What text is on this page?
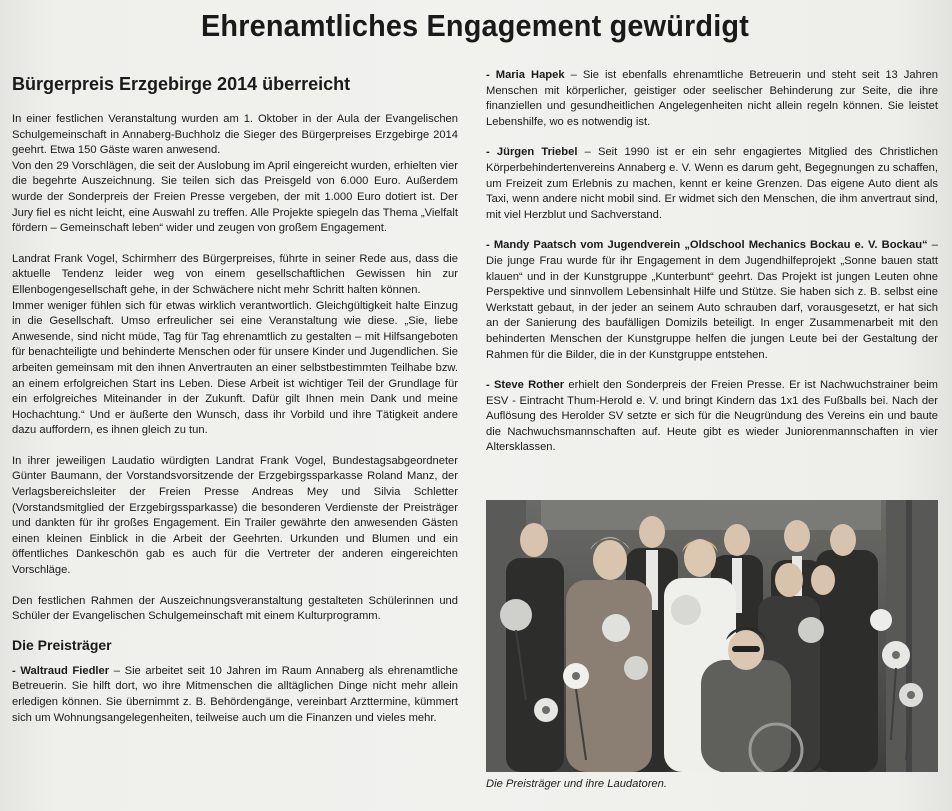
Ehrenamtliches Engagement gewürdigt
Bürgerpreis Erzgebirge 2014 überreicht

In einer festlichen Veranstaltung wurden am 1. Oktober in der Aula der Evangelischen Schulgemeinschaft in Annaberg-Buchholz die Sieger des Bürgerpreises Erzgebirge 2014 geehrt. Etwa 150 Gäste waren anwesend.

Von den 29 Vorschlägen, die seit der Auslobung im April eingereicht wurden, erhielten vier die begehrte Auszeichnung. Sie teilen sich das Preisgeld von 6.000 Euro. Außerdem wurde der Sonderpreis der Freien Presse vergeben, der mit 1.000 Euro dotiert ist. Der Jury fiel es nicht leicht, eine Auswahl zu treffen. Alle Projekte spiegeln das Thema „Vielfalt fördern – Gemeinschaft leben“ wider und zeugen von großem Engagement.

Landrat Frank Vogel, Schirmherr des Bürgerpreises, führte in seiner Rede aus, dass die aktuelle Tendenz leider weg von einem gesellschaftlichen Gewissen hin zur Ellenbogengesellschaft gehe, in der Schwächere nicht mehr Schritt halten können.

Immer weniger fühlen sich für etwas wirklich verantwortlich. Gleichgültigkeit halte Einzug in die Gesellschaft. Umso erfreulicher sei eine Veranstaltung wie diese. „Sie, liebe Anwesende, sind nicht müde, Tag für Tag ehrenamtlich zu gestalten – mit Hilfsangeboten für benachteiligte und behinderte Menschen oder für unsere Kinder und Jugendlichen. Sie arbeiten gemeinsam mit den ihnen Anvertrauten an einer selbstbestimmten Teilhabe bzw. an einem erfolgreichen Start ins Leben. Diese Arbeit ist wichtiger Teil der Grundlage für ein erfolgreiches Miteinander in der Zukunft. Dafür gilt Ihnen mein Dank und meine Hochachtung.“ Und er äußerte den Wunsch, dass ihr Vorbild und ihre Tätigkeit andere dazu auffordern, es ihnen gleich zu tun.

In ihrer jeweiligen Laudatio würdigten Landrat Frank Vogel, Bundestagsabgeordneter Günter Baumann, der Vorstandsvorsitzende der Erzgebirgssparkasse Roland Manz, der Verlagsbereichsleiter der Freien Presse Andreas Mey und Silvia Schletter (Vorstandsmitglied der Erzgebirgssparkasse) die besonderen Verdienste der Preisträger und dankten für ihr großes Engagement. Ein Trailer gewährte den anwesenden Gästen einen kleinen Einblick in die Arbeit der Geehrten. Urkunden und Blumen und ein öffentliches Dankeschön gab es auch für die Vertreter der anderen eingereichten Vorschläge.

Den festlichen Rahmen der Auszeichnungsveranstaltung gestalteten Schülerinnen und Schüler der Evangelischen Schulgemeinschaft mit einem Kulturprogramm.

Die Preisträger

- Waltraud Fiedler – Sie arbeitet seit 10 Jahren im Raum Annaberg als ehrenamtliche Betreuerin. Sie hilft dort, wo ihre Mitmenschen die alltäglichen Dinge nicht mehr allein erledigen können. Sie übernimmt z. B. Behördengänge, vereinbart Arzttermine, kümmert sich um Wohnungsangelegenheiten, teilweise auch um die Finanzen und vieles mehr.

- Maria Hapek – Sie ist ebenfalls ehrenamtliche Betreuerin und steht seit 13 Jahren Menschen mit körperlicher, geistiger oder seelischer Behinderung zur Seite, die ihre finanziellen und gesundheitlichen Angelegenheiten nicht allein regeln können. Sie leistet Lebenshilfe, wo es notwendig ist.

- Jürgen Triebel – Seit 1990 ist er ein sehr engagiertes Mitglied des Christlichen Körperbehindertenvereins Annaberg e. V. Wenn es darum geht, Begegnungen zu schaffen, um Freizeit zum Erlebnis zu machen, kennt er keine Grenzen. Das eigene Auto dient als Taxi, wenn andere nicht mobil sind. Er widmet sich den Menschen, die ihm anvertraut sind, mit viel Herzblut und Sachverstand.

- Mandy Paatsch vom Jugendverein „Oldschool Mechanics Bockau e. V. Bockau“ – Die junge Frau wurde für ihr Engagement in dem Jugendhilfeprojekt „Sonne bauen statt klauen“ und in der Kunstgruppe „Kunterbunt“ geehrt. Das Projekt ist jungen Leuten ohne Perspektive und sinnvollem Lebensinhalt Hilfe und Stütze. Sie haben sich z. B. selbst eine Werkstatt gebaut, in der jeder an seinem Auto schrauben darf, vorausgesetzt, er hat sich an der Sanierung des baufälligen Domizils beteiligt. In enger Zusammenarbeit mit den behinderten Menschen der Kunstgruppe helfen die jungen Leute bei der Gestaltung der Rahmen für die Bilder, die in der Kunstgruppe entstehen.

- Steve Rother erhielt den Sonderpreis der Freien Presse. Er ist Nachwuchstrainer beim ESV - Eintracht Thum-Herold e. V. und bringt Kindern das 1x1 des Fußballs bei. Nach der Auflösung des Herolder SV setzte er sich für die Neugründung des Vereins ein und baute die Nachwuchsmannschaften auf. Heute gibt es wieder Juniorenmannschaften in vier Altersklassen.

Die Preisträger und ihre Laudatoren.
